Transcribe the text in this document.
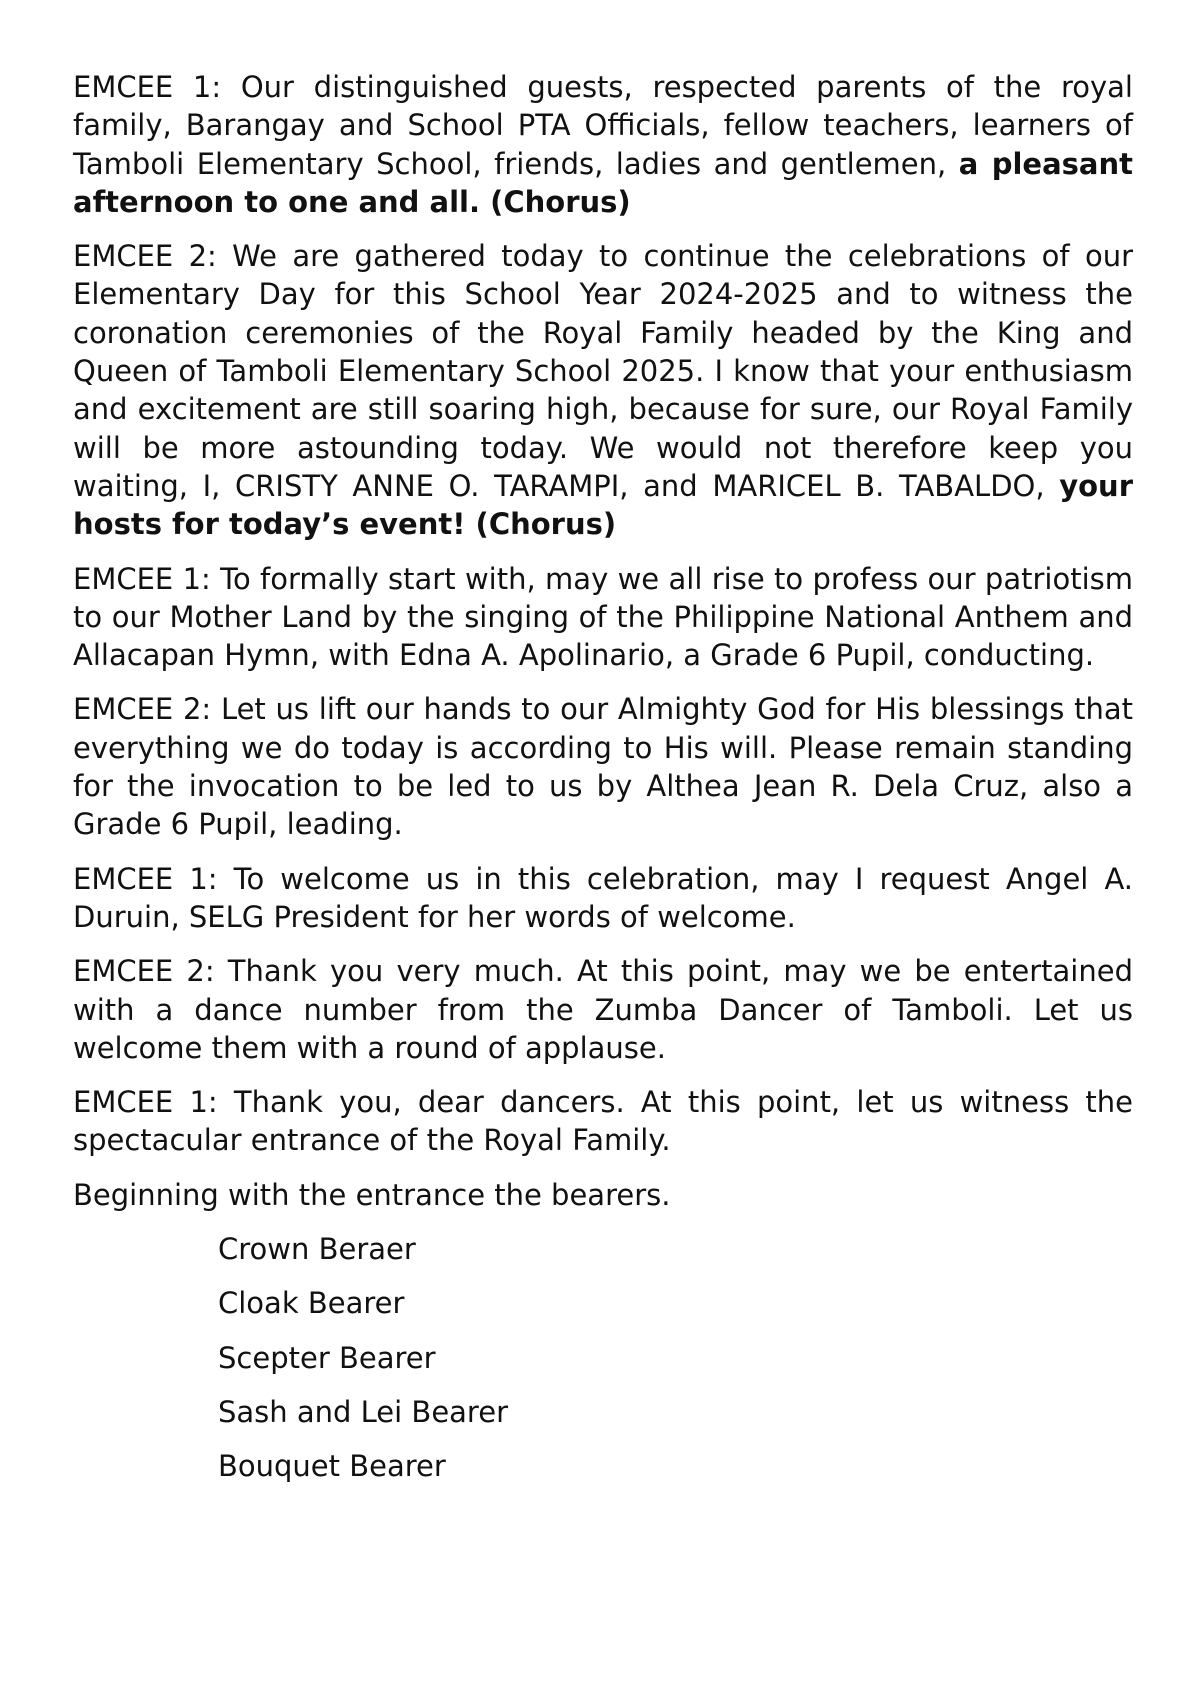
EMCEE 1: Our distinguished guests, respected parents of the royal family, Barangay and School PTA Officials, fellow teachers, learners of Tamboli Elementary School, friends, ladies and gentlemen, a pleasant afternoon to one and all. (Chorus)

EMCEE 2: We are gathered today to continue the celebrations of our Elementary Day for this School Year 2024-2025 and to witness the coronation ceremonies of the Royal Family headed by the King and Queen of Tamboli Elementary School 2025. I know that your enthusiasm and excitement are still soaring high, because for sure, our Royal Family will be more astounding today. We would not therefore keep you waiting, I, CRISTY ANNE O. TARAMPI, and MARICEL B. TABALDO, your hosts for today’s event! (Chorus)

EMCEE 1: To formally start with, may we all rise to profess our patriotism to our Mother Land by the singing of the Philippine National Anthem and Allacapan Hymn, with Edna A. Apolinario, a Grade 6 Pupil, conducting.

EMCEE 2: Let us lift our hands to our Almighty God for His blessings that everything we do today is according to His will. Please remain standing for the invocation to be led to us by Althea Jean R. Dela Cruz, also a Grade 6 Pupil, leading.

EMCEE 1: To welcome us in this celebration, may I request Angel A. Duruin, SELG President for her words of welcome.

EMCEE 2: Thank you very much. At this point, may we be entertained with a dance number from the Zumba Dancer of Tamboli. Let us welcome them with a round of applause.

EMCEE 1: Thank you, dear dancers. At this point, let us witness the spectacular entrance of the Royal Family.

Beginning with the entrance the bearers.

Crown Beraer
Cloak Bearer
Scepter Bearer
Sash and Lei Bearer
Bouquet Bearer
